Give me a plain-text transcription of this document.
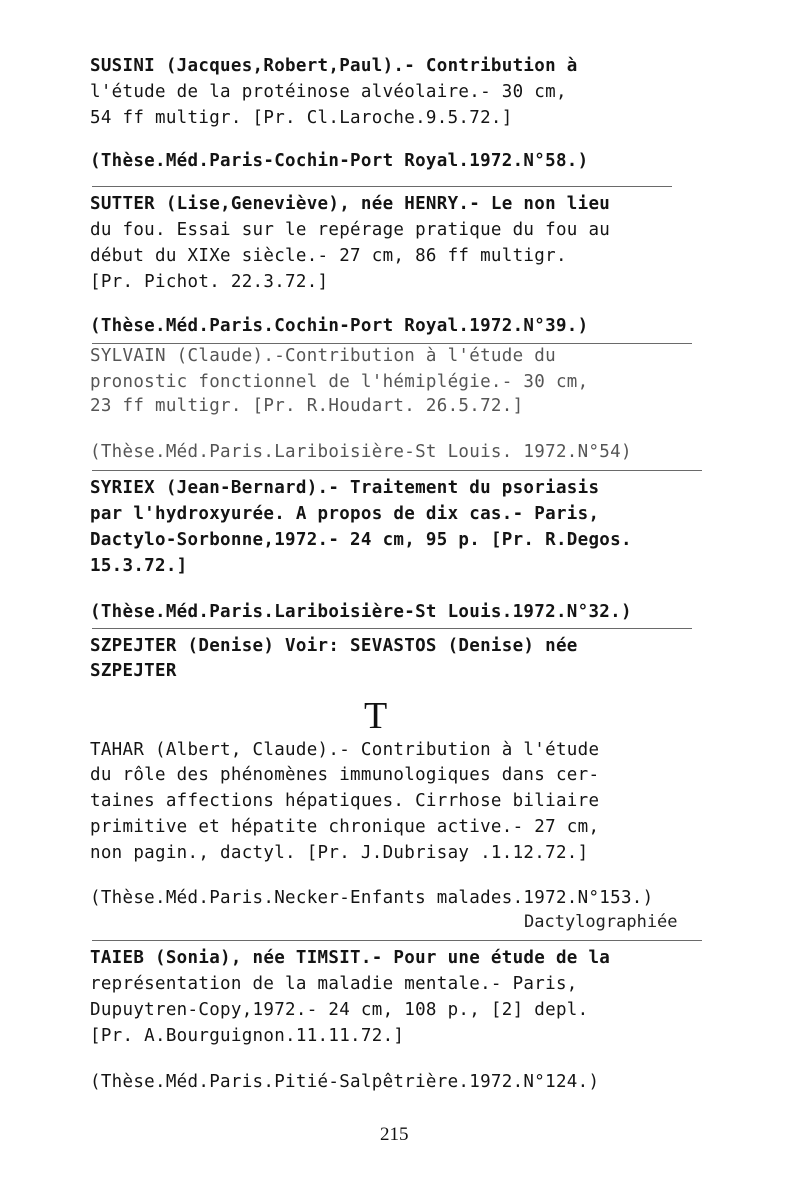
SUSINI (Jacques,Robert,Paul).- Contribution à
l'étude de la protéinose alvéolaire.- 30 cm,
54 ff multigr. [Pr. Cl.Laroche.9.5.72.]
(Thèse.Méd.Paris-Cochin-Port Royal.1972.N°58.)
SUTTER (Lise,Geneviève), née HENRY.- Le non lieu
du fou. Essai sur le repérage pratique du fou au
début du XIXe siècle.- 27 cm, 86 ff multigr.
[Pr. Pichot. 22.3.72.]
(Thèse.Méd.Paris.Cochin-Port Royal.1972.N°39.)
SYLVAIN (Claude).-Contribution à l'étude du
pronostic fonctionnel de l'hémiplégie.- 30 cm,
23 ff multigr. [Pr. R.Houdart. 26.5.72.]
(Thèse.Méd.Paris.Lariboisière-St Louis. 1972.N°54)
SYRIEX (Jean-Bernard).- Traitement du psoriasis
par l'hydroxyurée. A propos de dix cas.- Paris,
Dactylo-Sorbonne,1972.- 24 cm, 95 p. [Pr. R.Degos.
15.3.72.]
(Thèse.Méd.Paris.Lariboisière-St Louis.1972.N°32.)
SZPEJTER (Denise) Voir: SEVASTOS (Denise) née
SZPEJTER
T
TAHAR (Albert, Claude).- Contribution à l'étude
du rôle des phénomènes immunologiques dans cer-
taines affections hépatiques. Cirrhose biliaire
primitive et hépatite chronique active.- 27 cm,
non pagin., dactyl. [Pr. J.Dubrisay .1.12.72.]
(Thèse.Méd.Paris.Necker-Enfants malades.1972.N°153.)
Dactylographiée
TAIEB (Sonia), née TIMSIT.- Pour une étude de la
représentation de la maladie mentale.- Paris,
Dupuytren-Copy,1972.- 24 cm, 108 p., [2] depl.
[Pr. A.Bourguignon.11.11.72.]
(Thèse.Méd.Paris.Pitié-Salpêtrière.1972.N°124.)
215
